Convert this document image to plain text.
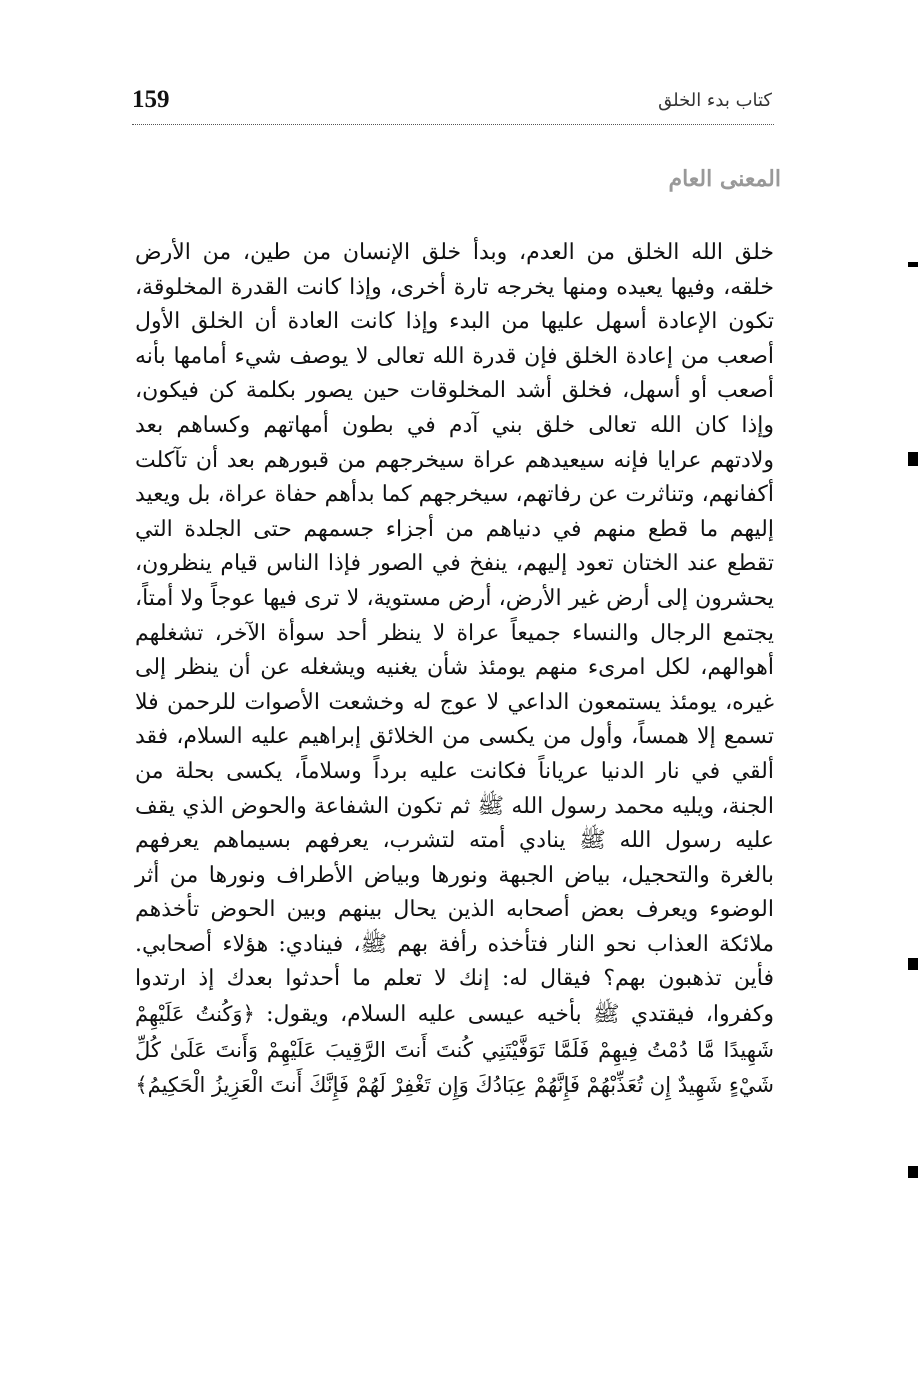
159	كتاب بدء الخلق
المعنى العام
خلق الله الخلق من العدم، وبدأ خلق الإنسان من طين، من الأرض خلقه، وفيها يعيده ومنها يخرجه تارة أخرى، وإذا كانت القدرة المخلوقة، تكون الإعادة أسهل عليها من البدء وإذا كانت العادة أن الخلق الأول أصعب من إعادة الخلق فإن قدرة الله تعالى لا يوصف شيء أمامها بأنه أصعب أو أسهل، فخلق أشد المخلوقات حين يصور بكلمة كن فيكون، وإذا كان الله تعالى خلق بني آدم في بطون أمهاتهم وكساهم بعد ولادتهم عرايا فإنه سيعيدهم عراة سيخرجهم من قبورهم بعد أن تآكلت أكفانهم، وتناثرت عن رفاتهم، سيخرجهم كما بدأهم حفاة عراة، بل ويعيد إليهم ما قطع منهم في دنياهم من أجزاء جسمهم حتى الجلدة التي تقطع عند الختان تعود إليهم، ينفخ في الصور فإذا الناس قيام ينظرون، يحشرون إلى أرض غير الأرض، أرض مستوية، لا ترى فيها عوجاً ولا أمتاً، يجتمع الرجال والنساء جميعاً عراة لا ينظر أحد سوأة الآخر، تشغلهم أهوالهم، لكل امرىء منهم يومئذ شأن يغنيه ويشغله عن أن ينظر إلى غيره، يومئذ يستمعون الداعي لا عوج له وخشعت الأصوات للرحمن فلا تسمع إلا همساً، وأول من يكسى من الخلائق إبراهيم عليه السلام، فقد ألقي في نار الدنيا عرياناً فكانت عليه برداً وسلاماً، يكسى بحلة من الجنة، ويليه محمد رسول الله ﷺ ثم تكون الشفاعة والحوض الذي يقف عليه رسول الله ﷺ ينادي أمته لتشرب، يعرفهم بسيماهم يعرفهم بالغرة والتحجيل، بياض الجبهة ونورها وبياض الأطراف ونورها من أثر الوضوء ويعرف بعض أصحابه الذين يحال بينهم وبين الحوض تأخذهم ملائكة العذاب نحو النار فتأخذه رأفة بهم ﷺ، فينادي: هؤلاء أصحابي. فأين تذهبون بهم؟ فيقال له: إنك لا تعلم ما أحدثوا بعدك إذ ارتدوا وكفروا، فيقتدي ﷺ بأخيه عيسى عليه السلام، ويقول: ﴿وَكُنتُ عَلَيْهِمْ شَهِيدًا مَّا دُمْتُ فِيهِمْ فَلَمَّا تَوَفَّيْتَنِي كُنتَ أَنتَ الرَّقِيبَ عَلَيْهِمْ وَأَنتَ عَلَىٰ كُلِّ شَيْءٍ شَهِيدٌ إِن تُعَذِّبْهُمْ فَإِنَّهُمْ عِبَادُكَ وَإِن تَغْفِرْ لَهُمْ فَإِنَّكَ أَنتَ الْعَزِيزُ الْحَكِيمُ﴾
